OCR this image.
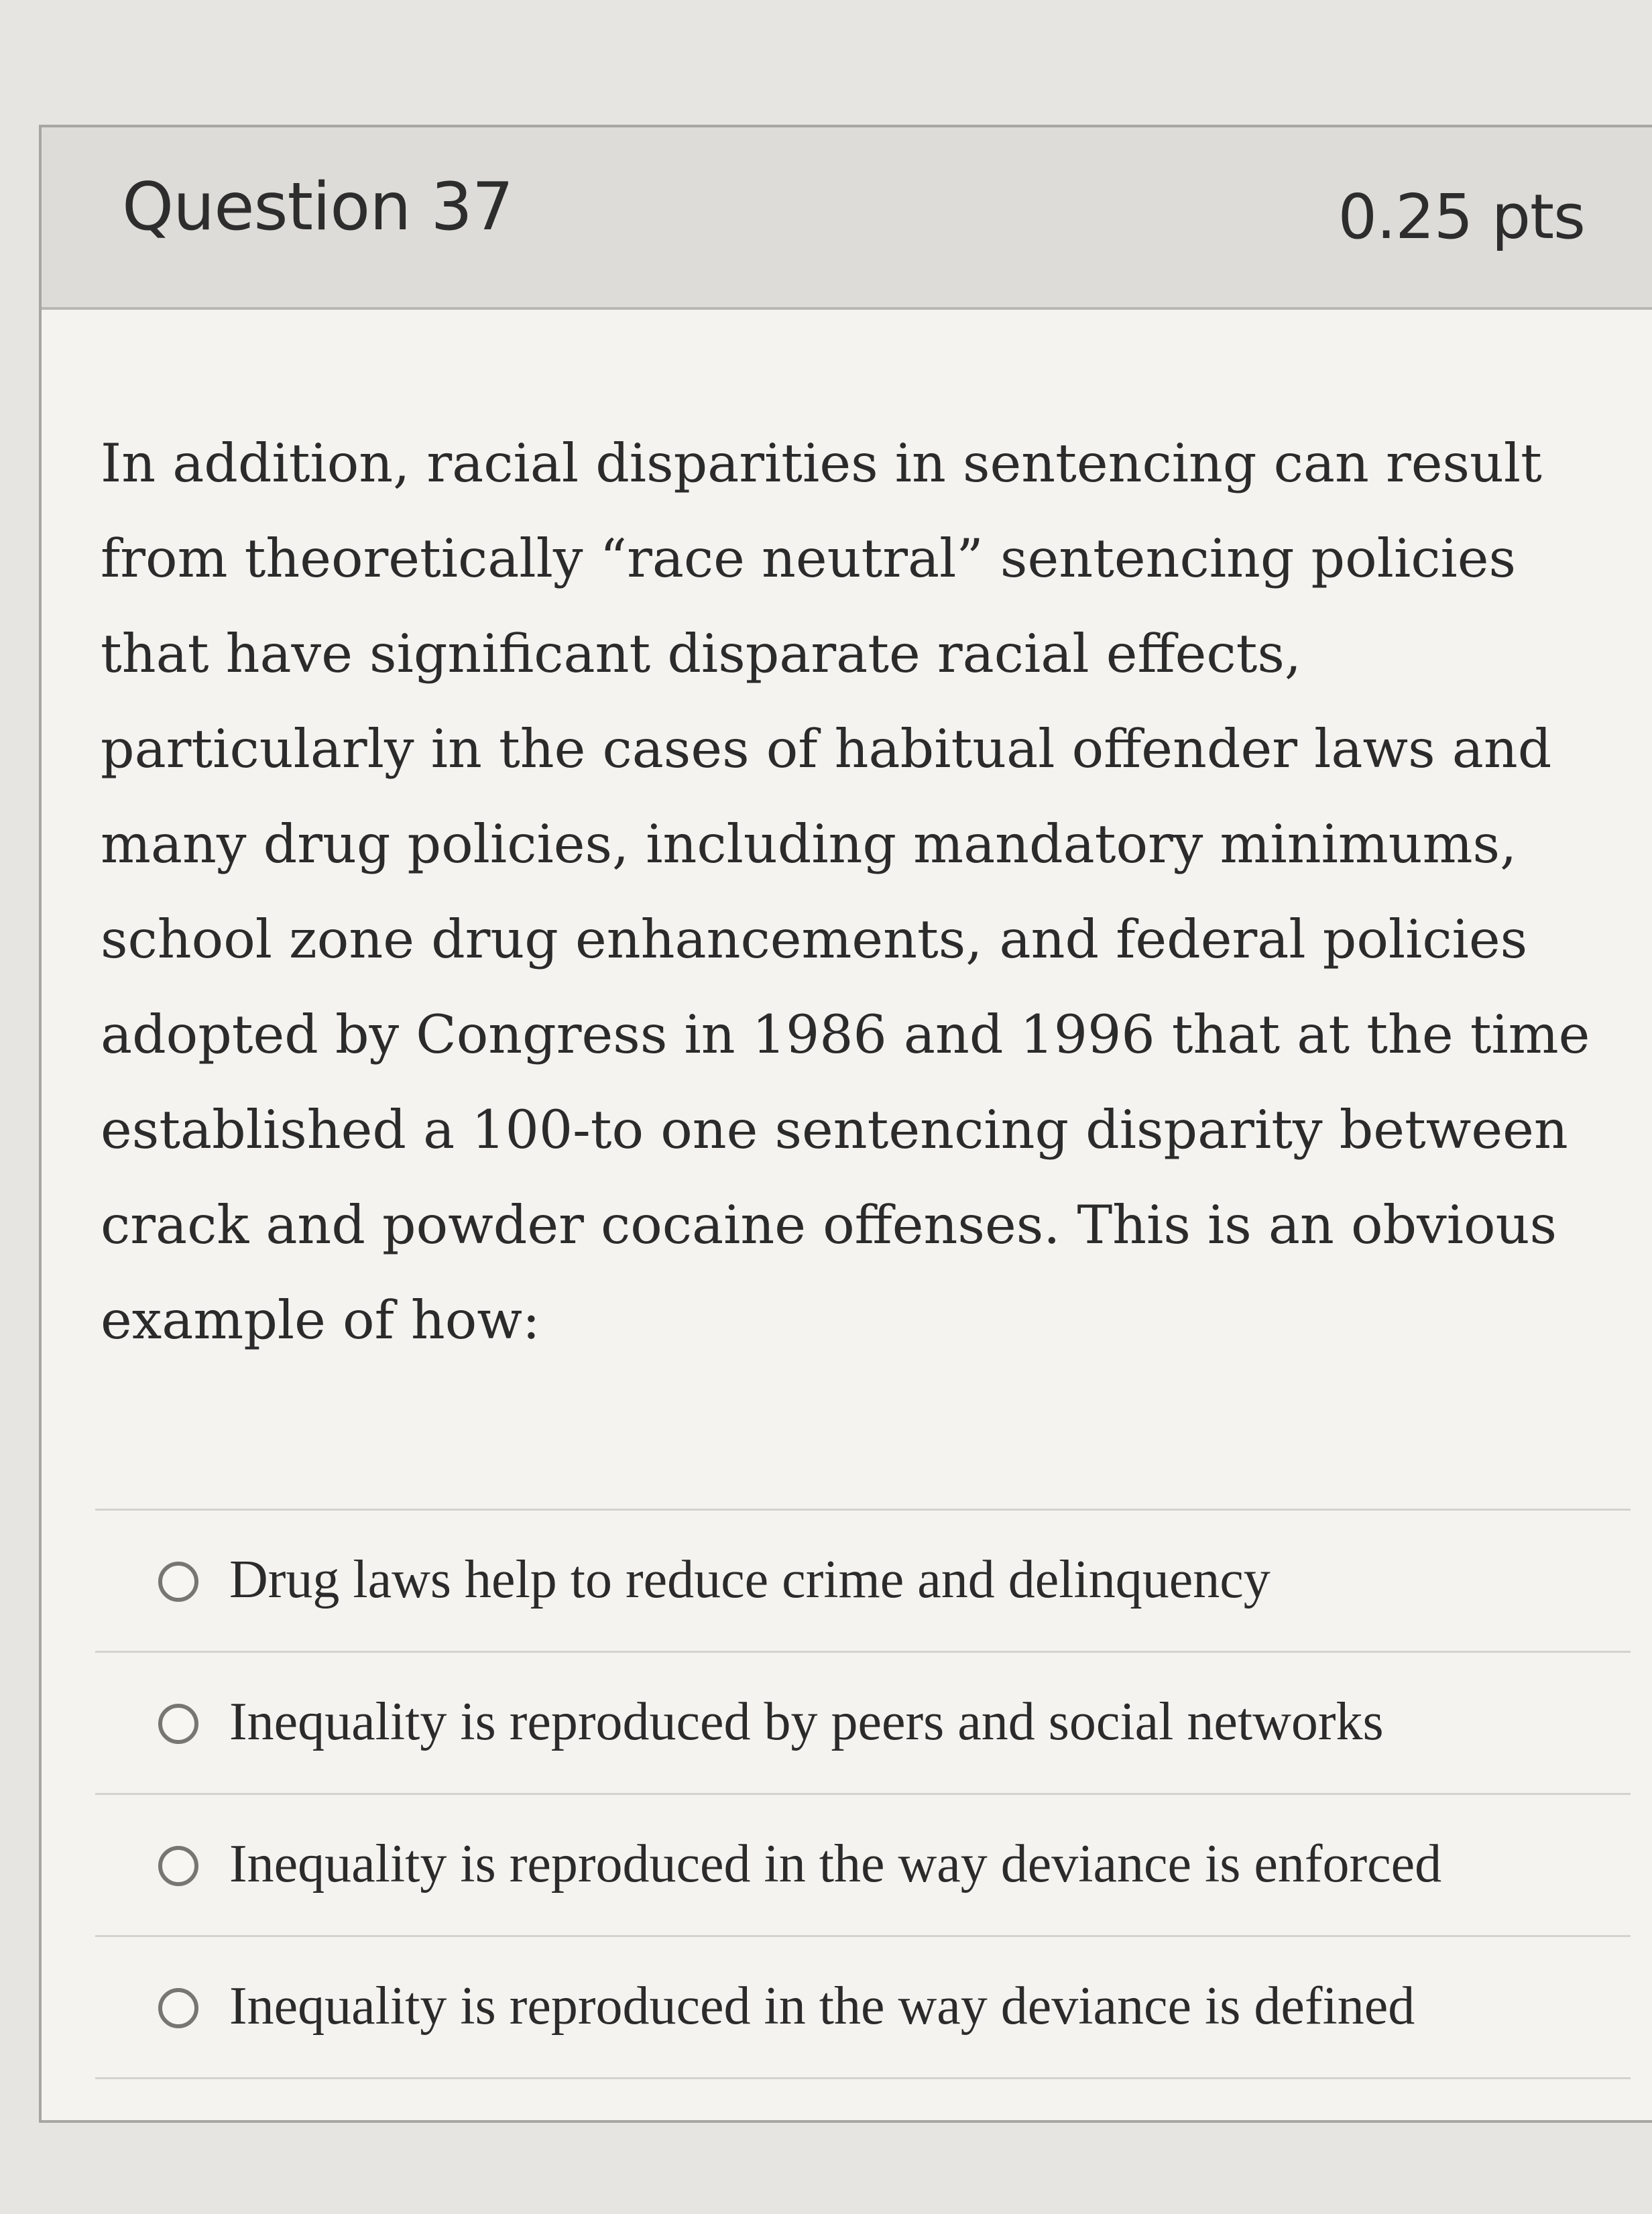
Question 37	0.25 pts

In addition, racial disparities in sentencing can result from theoretically “race neutral” sentencing policies that have significant disparate racial effects, particularly in the cases of habitual offender laws and many drug policies, including mandatory minimums, school zone drug enhancements, and federal policies adopted by Congress in 1986 and 1996 that at the time established a 100-to one sentencing disparity between crack and powder cocaine offenses. This is an obvious example of how:

Drug laws help to reduce crime and delinquency
Inequality is reproduced by peers and social networks
Inequality is reproduced in the way deviance is enforced
Inequality is reproduced in the way deviance is defined
